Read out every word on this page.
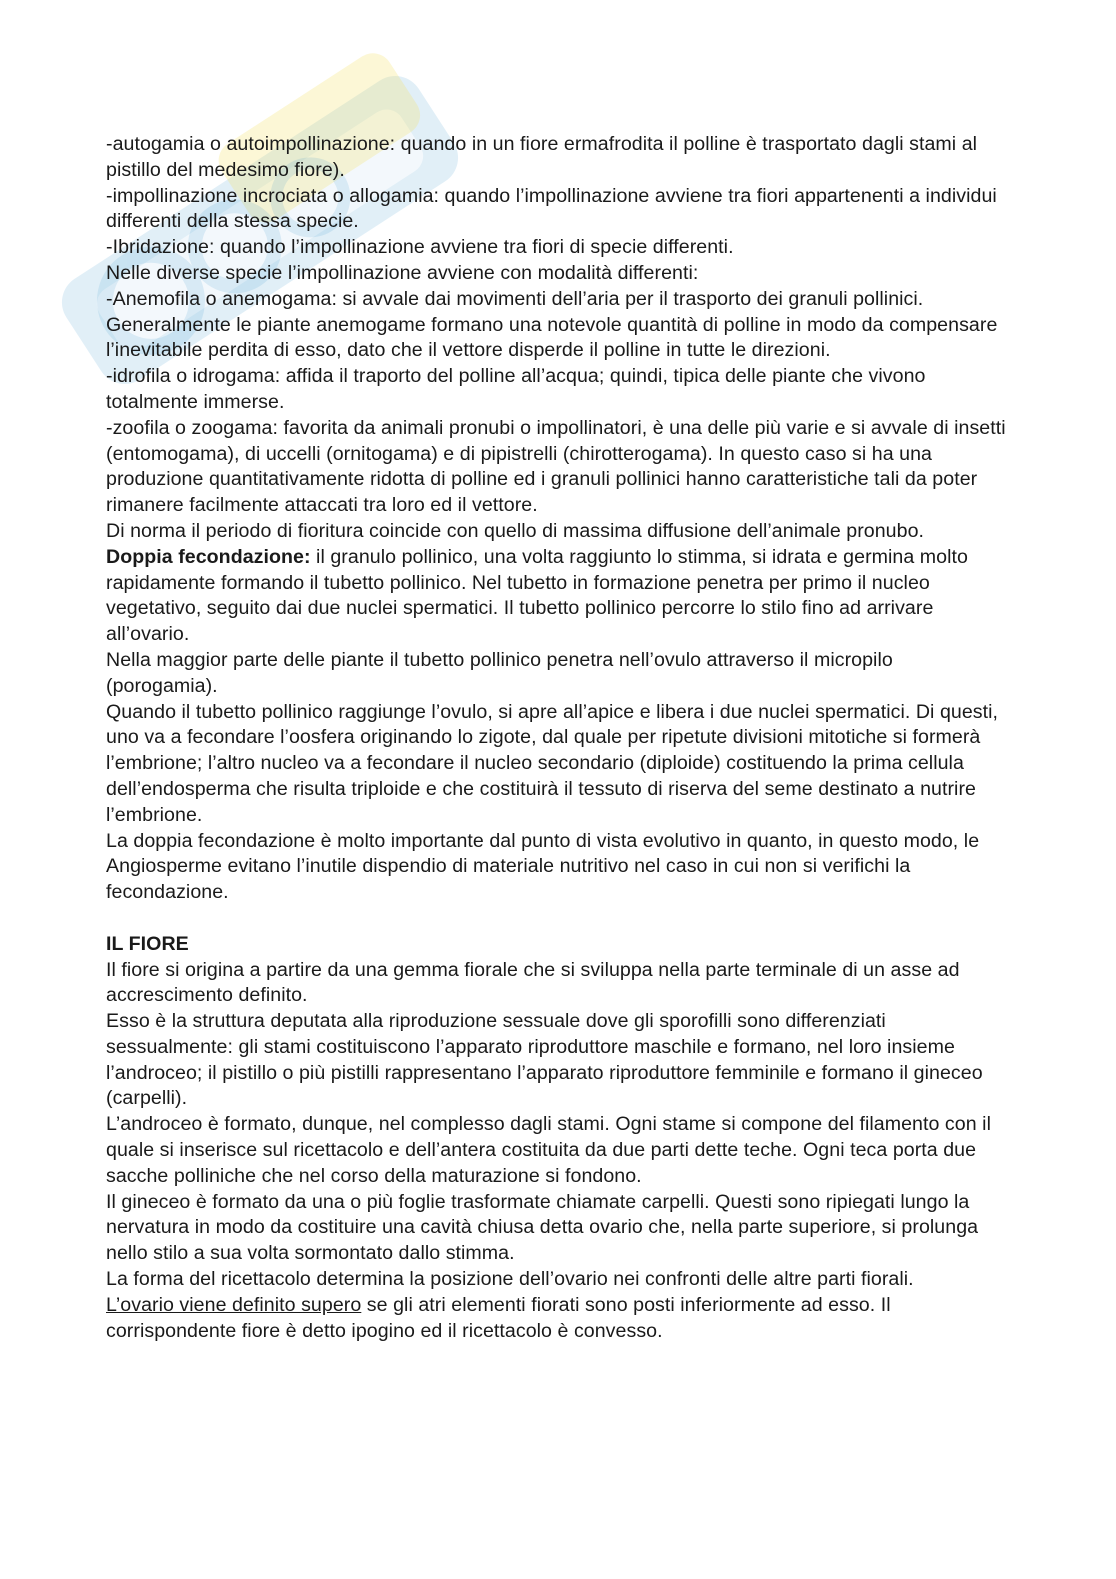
-autogamia o autoimpollinazione: quando in un fiore ermafrodita il polline è trasportato dagli stami al pistillo del medesimo fiore).

-impollinazione incrociata o allogamia: quando l’impollinazione avviene tra fiori appartenenti a individui differenti della stessa specie.

-Ibridazione: quando l’impollinazione avviene tra fiori di specie differenti.

Nelle diverse specie l’impollinazione avviene con modalità differenti:

-Anemofila o anemogama: si avvale dai movimenti dell’aria per il trasporto dei granuli pollinici. Generalmente le piante anemogame formano una notevole quantità di polline in modo da compensare l’inevitabile perdita di esso, dato che il vettore disperde il polline in tutte le direzioni.

-idrofila o idrogama: affida il traporto del polline all’acqua; quindi, tipica delle piante che vivono totalmente immerse.

-zoofila o zoogama: favorita da animali pronubi o impollinatori, è una delle più varie e si avvale di insetti (entomogama), di uccelli (ornitogama) e di pipistrelli (chirotterogama). In questo caso si ha una produzione quantitativamente ridotta di polline ed i granuli pollinici hanno caratteristiche tali da poter rimanere facilmente attaccati tra loro ed il vettore.

Di norma il periodo di fioritura coincide con quello di massima diffusione dell’animale pronubo.

Doppia fecondazione: il granulo pollinico, una volta raggiunto lo stimma, si idrata e germina molto rapidamente formando il tubetto pollinico. Nel tubetto in formazione penetra per primo il nucleo vegetativo, seguito dai due nuclei spermatici. Il tubetto pollinico percorre lo stilo fino ad arrivare all’ovario.

Nella maggior parte delle piante il tubetto pollinico penetra nell’ovulo attraverso il micropilo (porogamia).

Quando il tubetto pollinico raggiunge l’ovulo, si apre all’apice e libera i due nuclei spermatici. Di questi, uno va a fecondare l’oosfera originando lo zigote, dal quale per ripetute divisioni mitotiche si formerà l’embrione; l’altro nucleo va a fecondare il nucleo secondario (diploide) costituendo la prima cellula dell’endosperma che risulta triploide e che costituirà il tessuto di riserva del seme destinato a nutrire l’embrione.

La doppia fecondazione è molto importante dal punto di vista evolutivo in quanto, in questo modo, le Angiosperme evitano l’inutile dispendio di materiale nutritivo nel caso in cui non si verifichi la fecondazione.

IL FIORE

Il fiore si origina a partire da una gemma fiorale che si sviluppa nella parte terminale di un asse ad accrescimento definito.

Esso è la struttura deputata alla riproduzione sessuale dove gli sporofilli sono differenziati sessualmente: gli stami costituiscono l’apparato riproduttore maschile e formano, nel loro insieme l’androceo; il pistillo o più pistilli rappresentano l’apparato riproduttore femminile e formano il gineceo (carpelli).

L’androceo è formato, dunque, nel complesso dagli stami. Ogni stame si compone del filamento con il quale si inserisce sul ricettacolo e dell’antera costituita da due parti dette teche. Ogni teca porta due sacche polliniche che nel corso della maturazione si fondono.

Il gineceo è formato da una o più foglie trasformate chiamate carpelli. Questi sono ripiegati lungo la nervatura in modo da costituire una cavità chiusa detta ovario che, nella parte superiore, si prolunga nello stilo a sua volta sormontato dallo stimma.

La forma del ricettacolo determina la posizione dell’ovario nei confronti delle altre parti fiorali.

L’ovario viene definito supero se gli atri elementi fiorati sono posti inferiormente ad esso. Il corrispondente fiore è detto ipogino ed il ricettacolo è convesso.
